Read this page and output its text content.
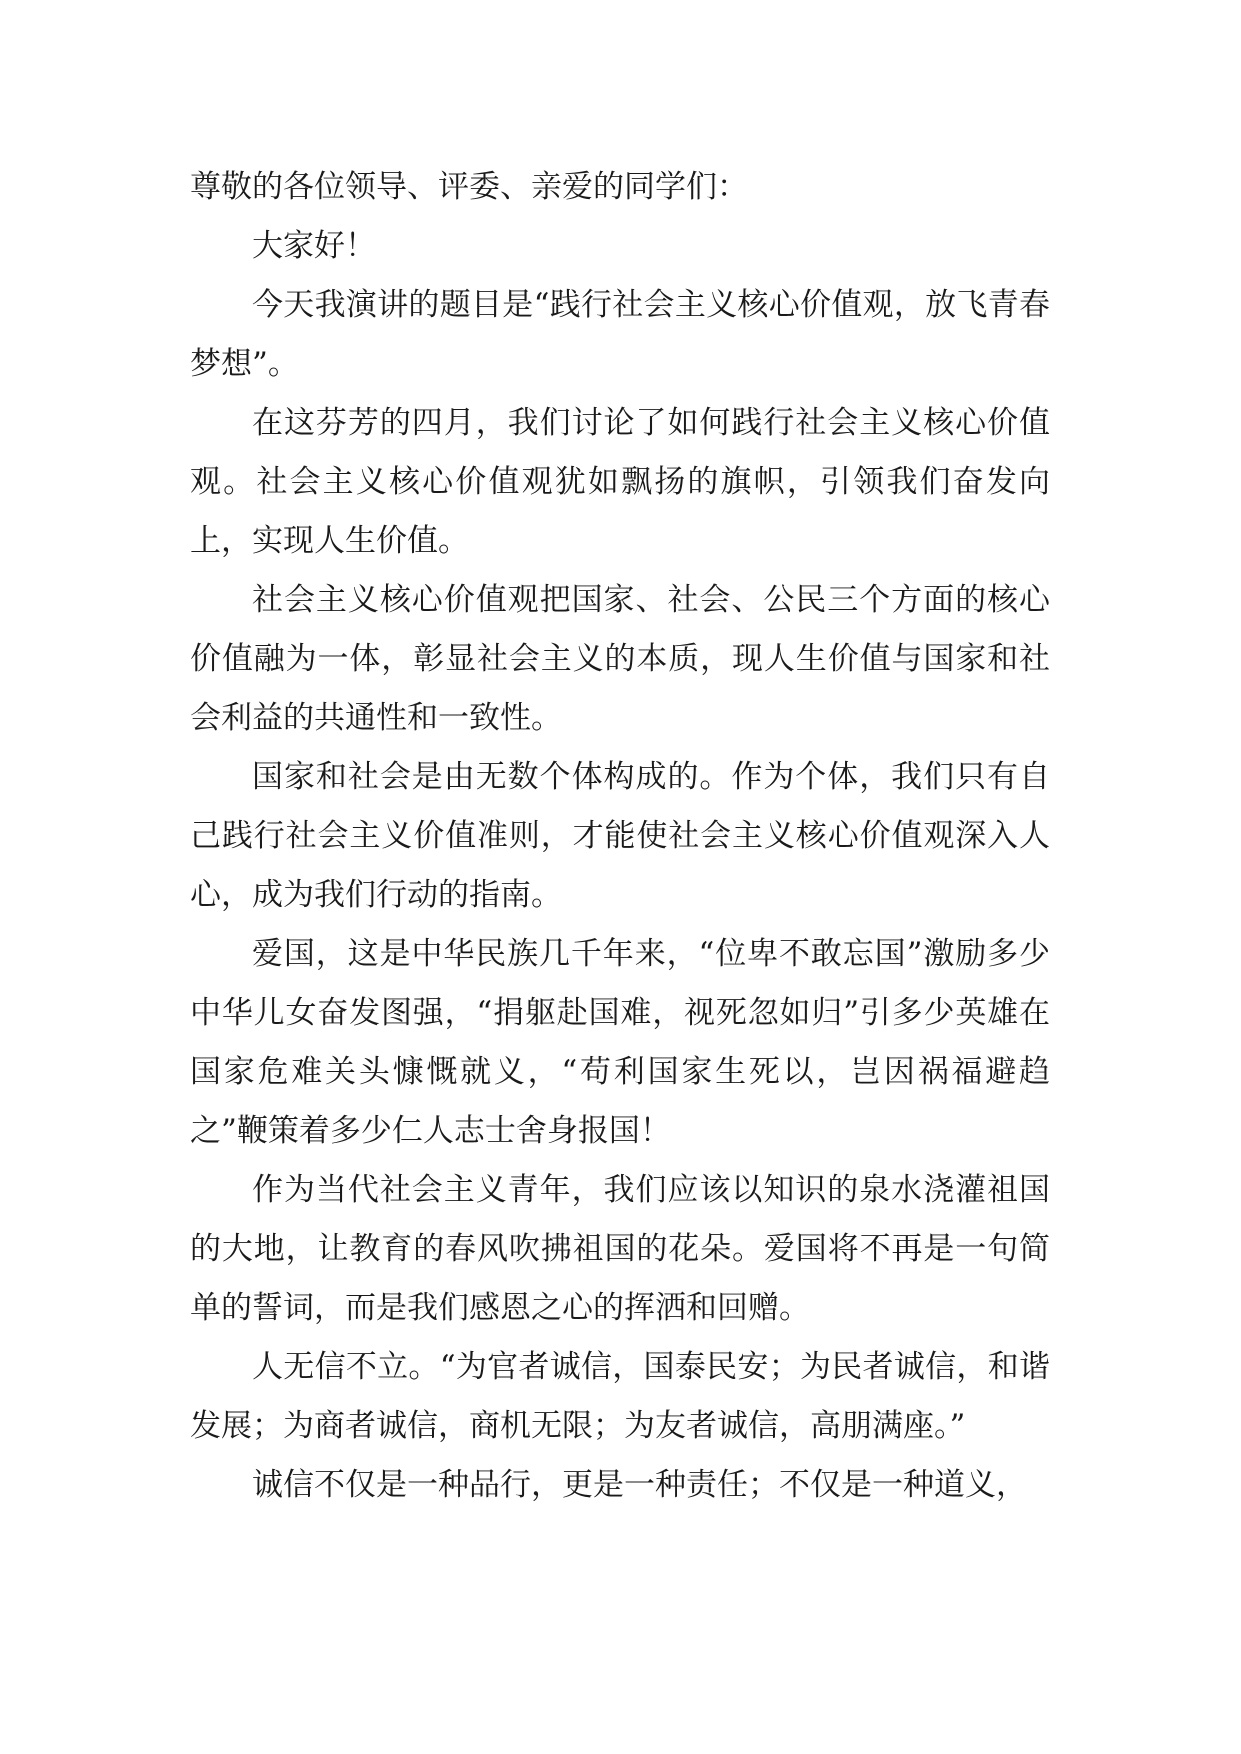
尊敬的各位领导、评委、亲爱的同学们：

大家好！

今天我演讲的题目是“践行社会主义核心价值观，放飞青春梦想”。

在这芬芳的四月，我们讨论了如何践行社会主义核心价值观。社会主义核心价值观犹如飘扬的旗帜，引领我们奋发向上，实现人生价值。

社会主义核心价值观把国家、社会、公民三个方面的核心价值融为一体，彰显社会主义的本质，现人生价值与国家和社会利益的共通性和一致性。

国家和社会是由无数个体构成的。作为个体，我们只有自己践行社会主义价值准则，才能使社会主义核心价值观深入人心，成为我们行动的指南。

爱国，这是中华民族几千年来，“位卑不敢忘国”激励多少中华儿女奋发图强，“捐躯赴国难，视死忽如归”引多少英雄在国家危难关头慷慨就义，“苟利国家生死以，岂因祸福避趋之”鞭策着多少仁人志士舍身报国！

作为当代社会主义青年，我们应该以知识的泉水浇灌祖国的大地，让教育的春风吹拂祖国的花朵。爱国将不再是一句简单的誓词，而是我们感恩之心的挥洒和回赠。

人无信不立。“为官者诚信，国泰民安；为民者诚信，和谐发展；为商者诚信，商机无限；为友者诚信，高朋满座。”

诚信不仅是一种品行，更是一种责任；不仅是一种道义，
